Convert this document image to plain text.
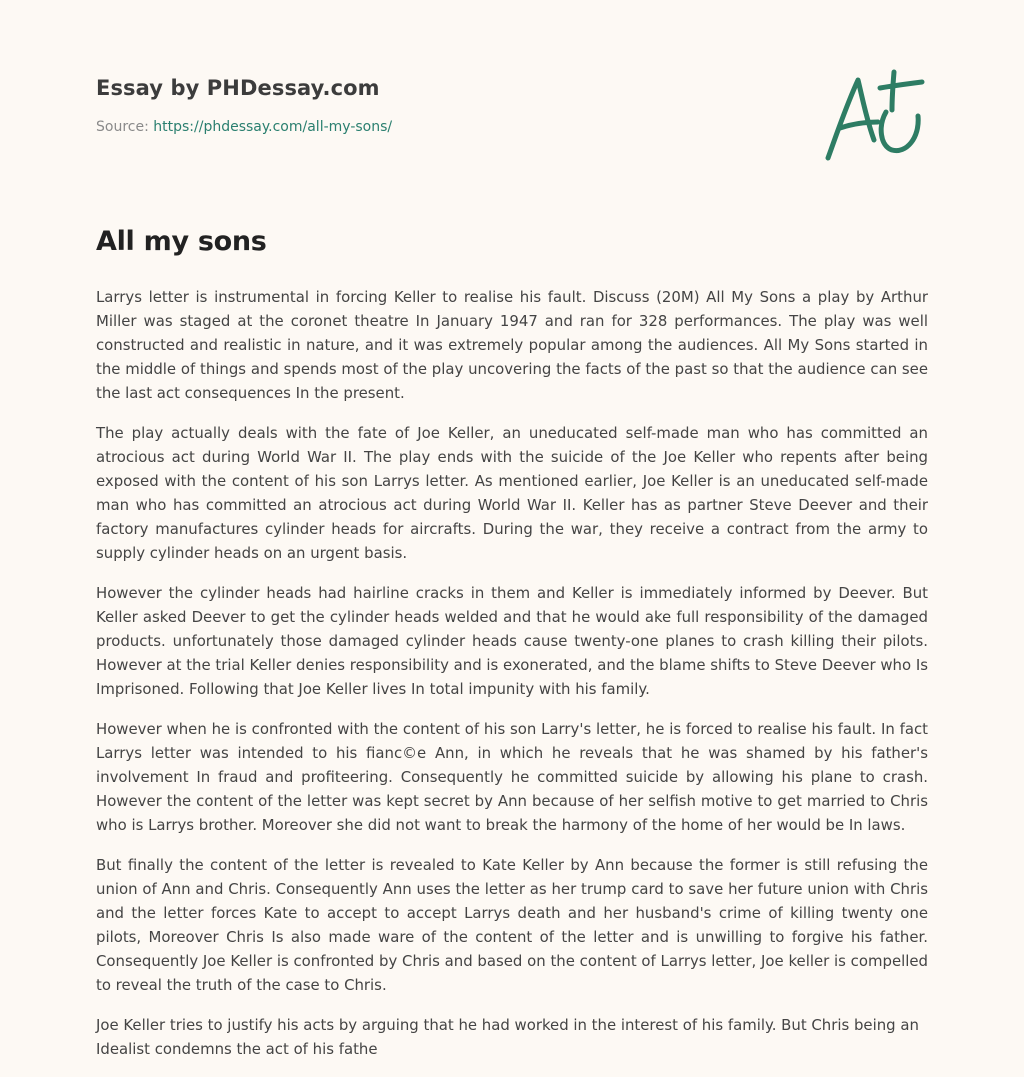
Essay by PHDessay.com
Source: https://phdessay.com/all-my-sons/
All my sons

Larrys letter is instrumental in forcing Keller to realise his fault. Discuss (20M) All My Sons a play by Arthur Miller was staged at the coronet theatre In January 1947 and ran for 328 performances. The play was well constructed and realistic in nature, and it was extremely popular among the audiences. All My Sons started in the middle of things and spends most of the play uncovering the facts of the past so that the audience can see the last act consequences In the present.

The play actually deals with the fate of Joe Keller, an uneducated self-made man who has committed an atrocious act during World War II. The play ends with the suicide of the Joe Keller who repents after being exposed with the content of his son Larrys letter. As mentioned earlier, Joe Keller is an uneducated self-made man who has committed an atrocious act during World War II. Keller has as partner Steve Deever and their factory manufactures cylinder heads for aircrafts. During the war, they receive a contract from the army to supply cylinder heads on an urgent basis.

However the cylinder heads had hairline cracks in them and Keller is immediately informed by Deever. But Keller asked Deever to get the cylinder heads welded and that he would ake full responsibility of the damaged products. unfortunately those damaged cylinder heads cause twenty-one planes to crash killing their pilots. However at the trial Keller denies responsibility and is exonerated, and the blame shifts to Steve Deever who Is Imprisoned. Following that Joe Keller lives In total impunity with his family.

However when he is confronted with the content of his son Larry's letter, he is forced to realise his fault. In fact Larrys letter was intended to his fianc©e Ann, in which he reveals that he was shamed by his father's involvement In fraud and profiteering. Consequently he committed suicide by allowing his plane to crash. However the content of the letter was kept secret by Ann because of her selfish motive to get married to Chris who is Larrys brother. Moreover she did not want to break the harmony of the home of her would be In laws.

But finally the content of the letter is revealed to Kate Keller by Ann because the former is still refusing the union of Ann and Chris. Consequently Ann uses the letter as her trump card to save her future union with Chris and the letter forces Kate to accept to accept Larrys death and her husband's crime of killing twenty one pilots, Moreover Chris Is also made ware of the content of the letter and is unwilling to forgive his father. Consequently Joe Keller is confronted by Chris and based on the content of Larrys letter, Joe keller is compelled to reveal the truth of the case to Chris.

Joe Keller tries to justify his acts by arguing that he had worked in the interest of his family. But Chris being an Idealist condemns the act of his fathe
